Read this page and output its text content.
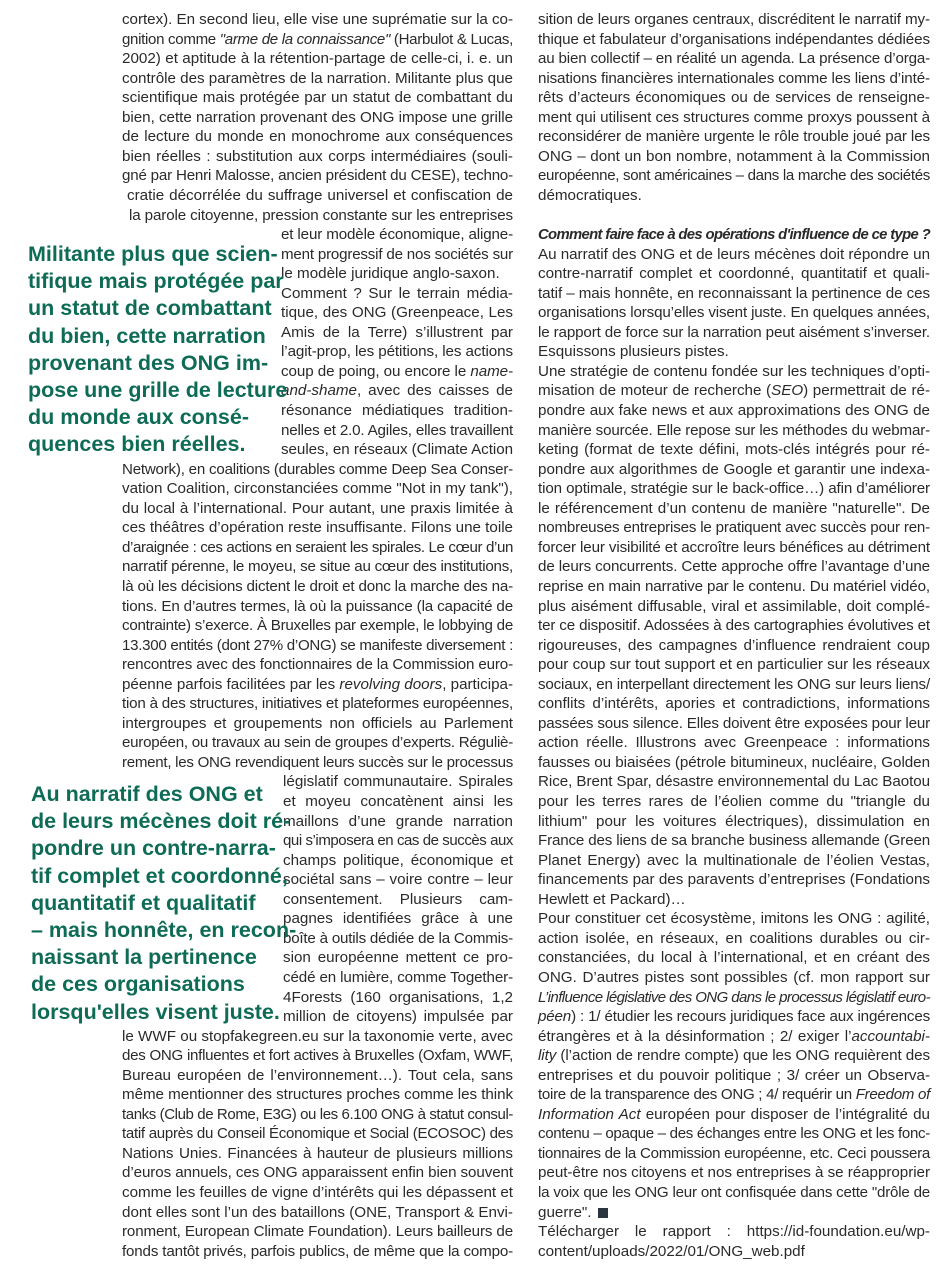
cortex). En second lieu, elle vise une suprématie sur la co-
gnition comme "arme de la connaissance" (Harbulot & Lucas,
2002) et aptitude à la rétention-partage de celle-ci, i. e. un
contrôle des paramètres de la narration. Militante plus que
scientifique mais protégée par un statut de combattant du
bien, cette narration provenant des ONG impose une grille
de lecture du monde en monochrome aux conséquences
bien réelles : substitution aux corps intermédiaires (souli-
gné par Henri Malosse, ancien président du CESE), techno-
cratie décorrélée du suffrage universel et confiscation de
la parole citoyenne, pression constante sur les entreprises
et leur modèle économique, aligne-
ment progressif de nos sociétés sur
le modèle juridique anglo-saxon.
Comment ? Sur le terrain média-
tique, des ONG (Greenpeace, Les
Amis de la Terre) s’illustrent par
l’agit-prop, les pétitions, les actions
coup de poing, ou encore le name-
and-shame, avec des caisses de
résonance médiatiques tradition-
nelles et 2.0. Agiles, elles travaillent
seules, en réseaux (Climate Action
Network), en coalitions (durables comme Deep Sea Conser-
vation Coalition, circonstanciées comme "Not in my tank"),
du local à l’international. Pour autant, une praxis limitée à
ces théâtres d’opération reste insuffisante. Filons une toile
d’araignée : ces actions en seraient les spirales. Le cœur d’un
narratif pérenne, le moyeu, se situe au cœur des institutions,
là où les décisions dictent le droit et donc la marche des na-
tions. En d’autres termes, là où la puissance (la capacité de
contrainte) s’exerce. À Bruxelles par exemple, le lobbying de
13.300 entités (dont 27% d’ONG) se manifeste diversement :
rencontres avec des fonctionnaires de la Commission euro-
péenne parfois facilitées par les revolving doors, participa-
tion à des structures, initiatives et plateformes européennes,
intergroupes et groupements non officiels au Parlement
européen, ou travaux au sein de groupes d’experts. Réguliè-
rement, les ONG revendiquent leurs succès sur le processus
législatif communautaire. Spirales
et moyeu concatènent ainsi les
maillons d’une grande narration
qui s’imposera en cas de succès aux
champs politique, économique et
sociétal sans – voire contre – leur
consentement. Plusieurs cam-
pagnes identifiées grâce à une
boîte à outils dédiée de la Commis-
sion européenne mettent ce pro-
cédé en lumière, comme Together-
4Forests (160 organisations, 1,2
million de citoyens) impulsée par
le WWF ou stopfakegreen.eu sur la taxonomie verte, avec
des ONG influentes et fort actives à Bruxelles (Oxfam, WWF,
Bureau européen de l’environnement…). Tout cela, sans
même mentionner des structures proches comme les think
tanks (Club de Rome, E3G) ou les 6.100 ONG à statut consul-
tatif auprès du Conseil Économique et Social (ECOSOC) des
Nations Unies. Financées à hauteur de plusieurs millions
d’euros annuels, ces ONG apparaissent enfin bien souvent
comme les feuilles de vigne d’intérêts qui les dépassent et
dont elles sont l’un des bataillons (ONE, Transport & Envi-
ronment, European Climate Foundation). Leurs bailleurs de
fonds tantôt privés, parfois publics, de même que la compo-
sition de leurs organes centraux, discréditent le narratif my-
thique et fabulateur d’organisations indépendantes dédiées
au bien collectif – en réalité un agenda. La présence d’orga-
nisations financières internationales comme les liens d’inté-
rêts d’acteurs économiques ou de services de renseigne-
ment qui utilisent ces structures comme proxys poussent à
reconsidérer de manière urgente le rôle trouble joué par les
ONG – dont un bon nombre, notamment à la Commission
européenne, sont américaines – dans la marche des sociétés
démocratiques.
Comment faire face à des opérations d'influence de ce type ?
Au narratif des ONG et de leurs mécènes doit répondre un
contre-narratif complet et coordonné, quantitatif et quali-
tatif – mais honnête, en reconnaissant la pertinence de ces
organisations lorsqu’elles visent juste. En quelques années,
le rapport de force sur la narration peut aisément s’inverser.
Esquissons plusieurs pistes.
Une stratégie de contenu fondée sur les techniques d’opti-
misation de moteur de recherche (SEO) permettrait de ré-
pondre aux fake news et aux approximations des ONG de
manière sourcée. Elle repose sur les méthodes du webmar-
keting (format de texte défini, mots-clés intégrés pour ré-
pondre aux algorithmes de Google et garantir une indexa-
tion optimale, stratégie sur le back-office…) afin d’améliorer
le référencement d’un contenu de manière "naturelle". De
nombreuses entreprises le pratiquent avec succès pour ren-
forcer leur visibilité et accroître leurs bénéfices au détriment
de leurs concurrents. Cette approche offre l’avantage d’une
reprise en main narrative par le contenu. Du matériel vidéo,
plus aisément diffusable, viral et assimilable, doit complé-
ter ce dispositif. Adossées à des cartographies évolutives et
rigoureuses, des campagnes d’influence rendraient coup
pour coup sur tout support et en particulier sur les réseaux
sociaux, en interpellant directement les ONG sur leurs liens/
conflits d’intérêts, apories et contradictions, informations
passées sous silence. Elles doivent être exposées pour leur
action réelle. Illustrons avec Greenpeace : informations
fausses ou biaisées (pétrole bitumineux, nucléaire, Golden
Rice, Brent Spar, désastre environnemental du Lac Baotou
pour les terres rares de l’éolien comme du "triangle du
lithium" pour les voitures électriques), dissimulation en
France des liens de sa branche business allemande (Green
Planet Energy) avec la multinationale de l’éolien Vestas,
financements par des paravents d’entreprises (Fondations
Hewlett et Packard)…
Pour constituer cet écosystème, imitons les ONG : agilité,
action isolée, en réseaux, en coalitions durables ou cir-
constanciées, du local à l’international, et en créant des
ONG. D’autres pistes sont possibles (cf. mon rapport sur
L’influence législative des ONG dans le processus législatif euro-
péen) : 1/ étudier les recours juridiques face aux ingérences
étrangères et à la désinformation ; 2/ exiger l’accountabi-
lity (l’action de rendre compte) que les ONG requièrent des
entreprises et du pouvoir politique ; 3/ créer un Observa-
toire de la transparence des ONG ; 4/ requérir un Freedom of
Information Act européen pour disposer de l’intégralité du
contenu – opaque – des échanges entre les ONG et les fonc-
tionnaires de la Commission européenne, etc. Ceci poussera
peut-être nos citoyens et nos entreprises à se réapproprier
la voix que les ONG leur ont confisquée dans cette "drôle de
guerre".
Télécharger le rapport : https://id-foundation.eu/wp-
content/uploads/2022/01/ONG_web.pdf
Militante plus que scien-
tifique mais protégée par
un statut de combattant
du bien, cette narration
provenant des ONG im-
pose une grille de lecture
du monde aux consé-
quences bien réelles.
Au narratif des ONG et
de leurs mécènes doit ré-
pondre un contre-narra-
tif complet et coordonné,
quantitatif et qualitatif
– mais honnête, en recon-
naissant la pertinence
de ces organisations
lorsqu'elles visent juste.
